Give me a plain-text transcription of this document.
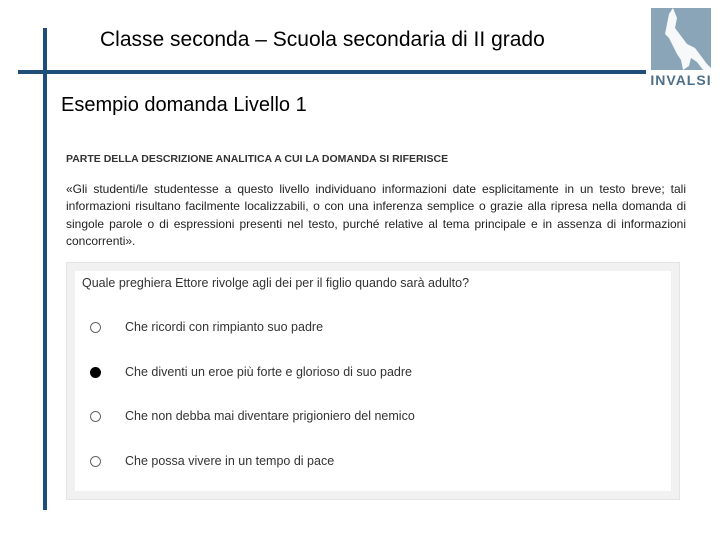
Classe seconda – Scuola secondaria di II grado
INVALSI
Esempio domanda Livello 1
PARTE DELLA DESCRIZIONE ANALITICA A CUI LA DOMANDA SI RIFERISCE
«Gli studenti/le studentesse a questo livello individuano informazioni date esplicitamente in un testo breve; tali informazioni risultano facilmente localizzabili, o con una inferenza semplice o grazie alla ripresa nella domanda di singole parole o di espressioni presenti nel testo, purché relative al tema principale e in assenza di informazioni concorrenti».
Quale preghiera Ettore rivolge agli dei per il figlio quando sarà adulto?
Che ricordi con rimpianto suo padre
Che diventi un eroe più forte e glorioso di suo padre
Che non debba mai diventare prigioniero del nemico
Che possa vivere in un tempo di pace
